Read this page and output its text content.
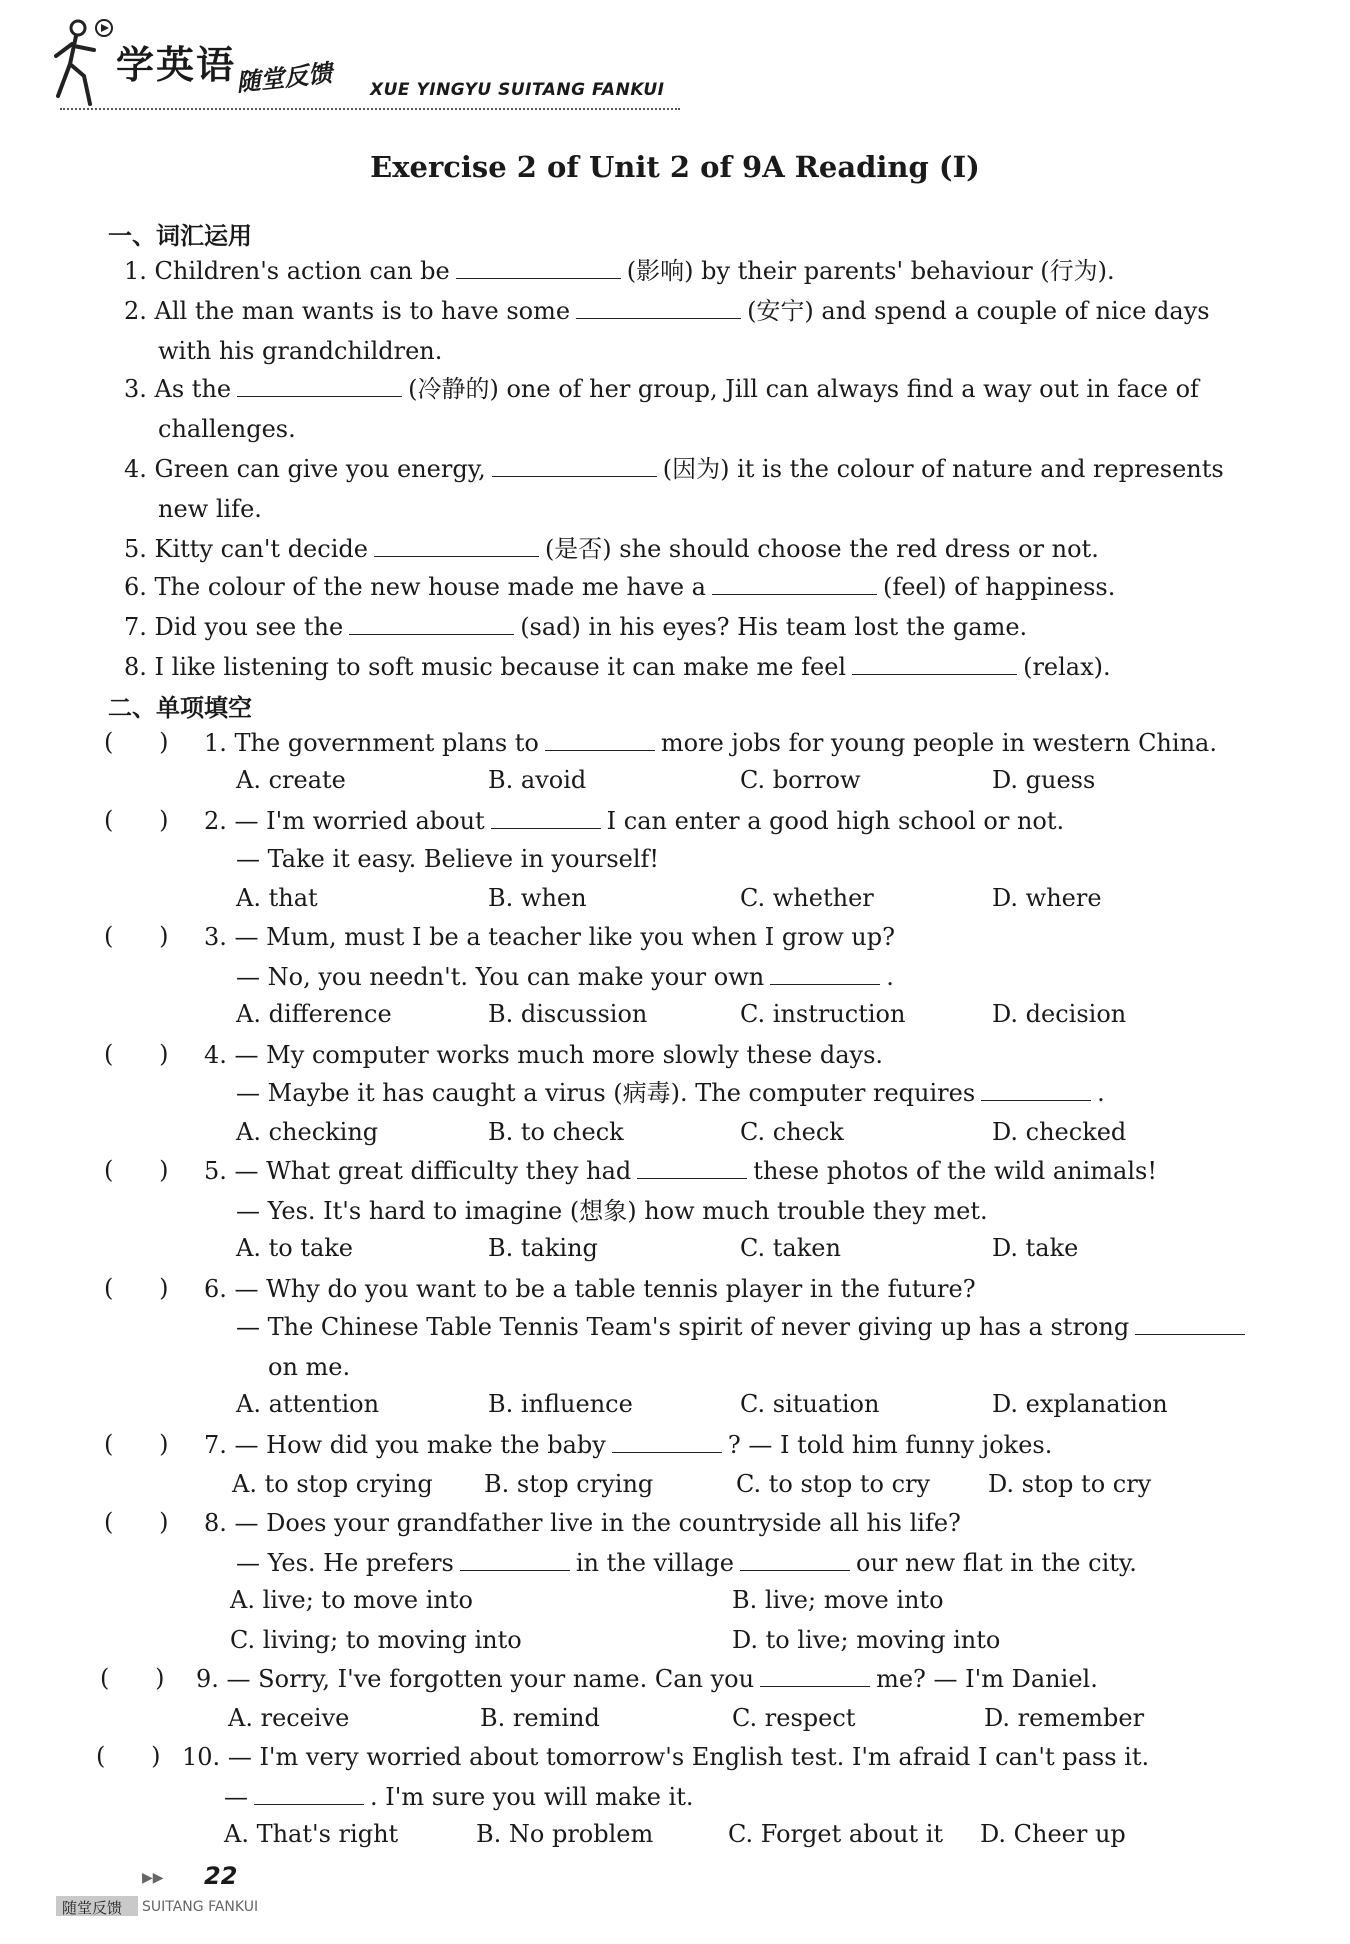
学英语 随堂反馈 XUE YINGYU SUITANG FANKUI
Exercise 2 of Unit 2 of 9A Reading (Ⅰ)
一、词汇运用
1. Children's action can be	(影响) by their parents' behaviour (行为).
2. All the man wants is to have some	(安宁) and spend a couple of nice days
with his grandchildren.
3. As the	(冷静的) one of her group, Jill can always find a way out in face of
challenges.
4. Green can give you energy,	(因为) it is the colour of nature and represents
new life.
5. Kitty can't decide	(是否) she should choose the red dress or not.
6. The colour of the new house made me have a	(feel) of happiness.
7. Did you see the	(sad) in his eyes? His team lost the game.
8. I like listening to soft music because it can make me feel	(relax).
二、单项填空
(      ) 1. The government plans to	more jobs for young people in western China.
A. create	B. avoid	C. borrow	D. guess
(      ) 2. — I'm worried about	I can enter a good high school or not.
— Take it easy. Believe in yourself!
A. that	B. when	C. whether	D. where
(      ) 3. — Mum, must I be a teacher like you when I grow up?
— No, you needn't. You can make your own	.
A. difference	B. discussion	C. instruction	D. decision
(      ) 4. — My computer works much more slowly these days.
— Maybe it has caught a virus (病毒). The computer requires	.
A. checking	B. to check	C. check	D. checked
(      ) 5. — What great difficulty they had	these photos of the wild animals!
— Yes. It's hard to imagine (想象) how much trouble they met.
A. to take	B. taking	C. taken	D. take
(      ) 6. — Why do you want to be a table tennis player in the future?
— The Chinese Table Tennis Team's spirit of never giving up has a strong
on me.
A. attention	B. influence	C. situation	D. explanation
(      ) 7. — How did you make the baby	? — I told him funny jokes.
A. to stop crying B. stop crying	C. to stop to cry D. stop to cry
(      ) 8. — Does your grandfather live in the countryside all his life?
— Yes. He prefers	in the village	our new flat in the city.
A. live; to move into	B. live; move into
C. living; to moving into	D. to live; moving into
(      ) 9. — Sorry, I've forgotten your name. Can you	me? — I'm Daniel.
A. receive	B. remind	C. respect	D. remember
(      ) 10. — I'm very worried about tomorrow's English test. I'm afraid I can't pass it.
—	. I'm sure you will make it.
A. That's right	B. No problem	C. Forget about it D. Cheer up
▶▶ 22
随堂反馈 SUITANG FANKUI
